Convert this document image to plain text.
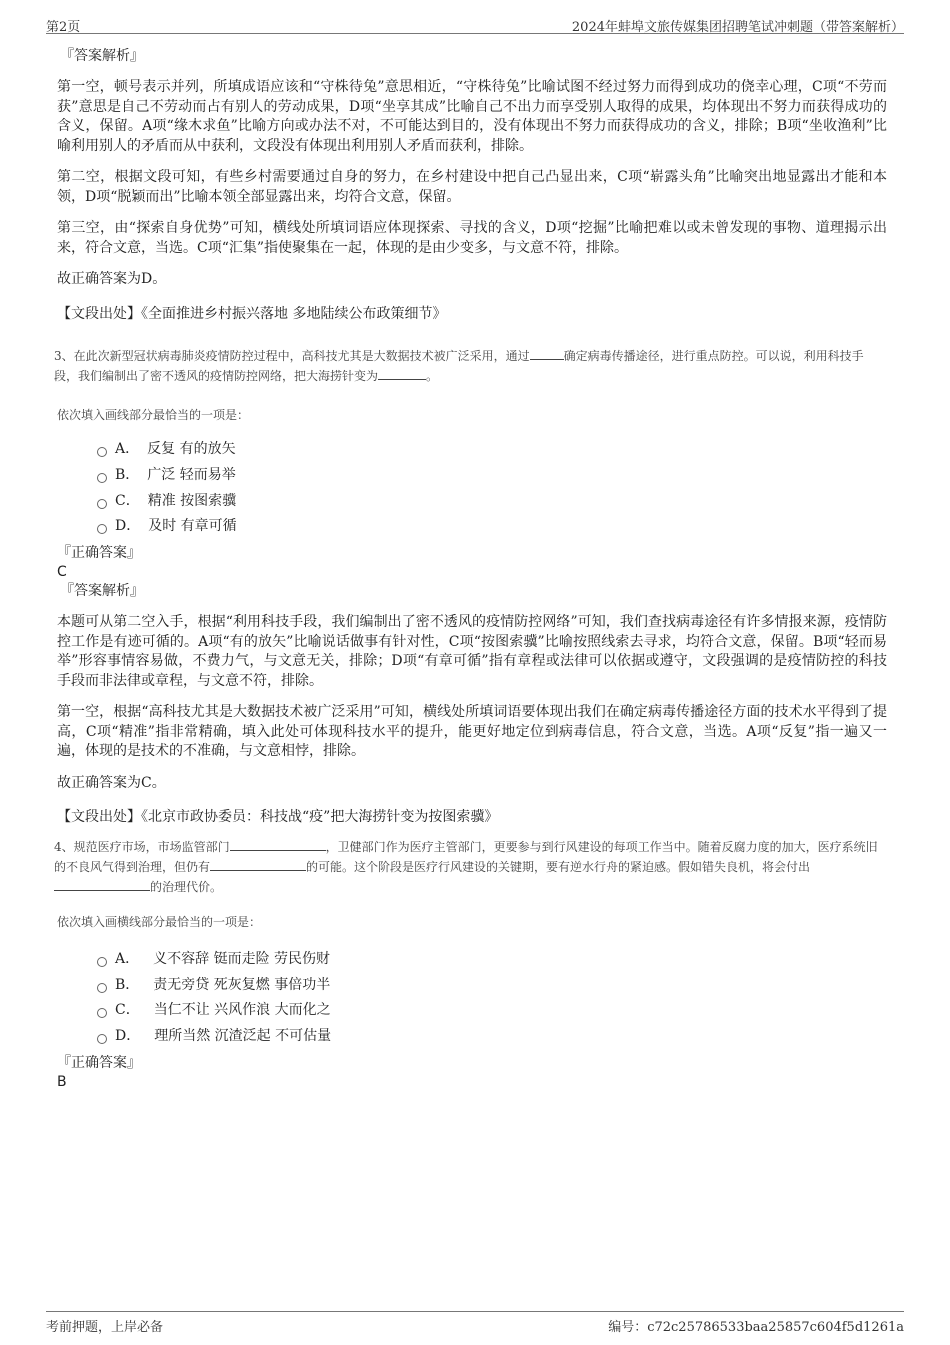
第2页	2024年蚌埠文旅传媒集团招聘笔试冲刺题（带答案解析）
『答案解析』

第一空，顿号表示并列，所填成语应该和“守株待兔”意思相近，“守株待兔”比喻试图不经过努力而得到成功的侥幸心理，C项“不劳而获”意思是自己不劳动而占有别人的劳动成果，D项“坐享其成”比喻自己不出力而享受别人取得的成果，均体现出不努力而获得成功的含义，保留。A项“缘木求鱼”比喻方向或办法不对，不可能达到目的，没有体现出不努力而获得成功的含义，排除；B项“坐收渔利”比喻利用别人的矛盾而从中获利，文段没有体现出利用别人矛盾而获利，排除。

第二空，根据文段可知，有些乡村需要通过自身的努力，在乡村建设中把自己凸显出来，C项“崭露头角”比喻突出地显露出才能和本领，D项“脱颖而出”比喻本领全部显露出来，均符合文意，保留。

第三空，由“探索自身优势”可知，横线处所填词语应体现探索、寻找的含义，D项“挖掘”比喻把难以或未曾发现的事物、道理揭示出来，符合文意，当选。C项“汇集”指使聚集在一起，体现的是由少变多，与文意不符，排除。

故正确答案为D。

【文段出处】《全面推进乡村振兴落地 多地陆续公布政策细节》

3、在此次新型冠状病毒肺炎疫情防控过程中，高科技尤其是大数据技术被广泛采用，通过	确定病毒传播途径，进行重点防控。可以说，利用科技手段，我们编制出了密不透风的疫情防控网络，把大海捞针变为	。

依次填入画线部分最恰当的一项是：

A． 反复 有的放矢
B． 广泛 轻而易举
C． 精准 按图索骥
D． 及时 有章可循
『正确答案』
C
『答案解析』

本题可从第二空入手，根据“利用科技手段，我们编制出了密不透风的疫情防控网络”可知，我们查找病毒途径有许多情报来源，疫情防控工作是有迹可循的。A项“有的放矢”比喻说话做事有针对性，C项“按图索骥”比喻按照线索去寻求，均符合文意，保留。B项“轻而易举”形容事情容易做，不费力气，与文意无关，排除；D项“有章可循”指有章程或法律可以依据或遵守，文段强调的是疫情防控的科技手段而非法律或章程，与文意不符，排除。

第一空，根据“高科技尤其是大数据技术被广泛采用”可知，横线处所填词语要体现出我们在确定病毒传播途径方面的技术水平得到了提高，C项“精准”指非常精确，填入此处可体现科技水平的提升，能更好地定位到病毒信息，符合文意，当选。A项“反复”指一遍又一遍，体现的是技术的不准确，与文意相悖，排除。

故正确答案为C。

【文段出处】《北京市政协委员：科技战“疫”把大海捞针变为按图索骥》

4、规范医疗市场，市场监管部门	，卫健部门作为医疗主管部门，更要参与到行风建设的每项工作当中。随着反腐力度的加大，医疗系统旧的不良风气得到治理，但仍有	的可能。这个阶段是医疗行风建设的关键期，要有逆水行舟的紧迫感。假如错失良机，将会付出的治理代价。

依次填入画横线部分最恰当的一项是：

A． 义不容辞 铤而走险 劳民伤财
B． 责无旁贷 死灰复燃 事倍功半
C． 当仁不让 兴风作浪 大而化之
D． 理所当然 沉渣泛起 不可估量
『正确答案』
B
考前押题，上岸必备	编号：c72c25786533baa25857c604f5d1261a
